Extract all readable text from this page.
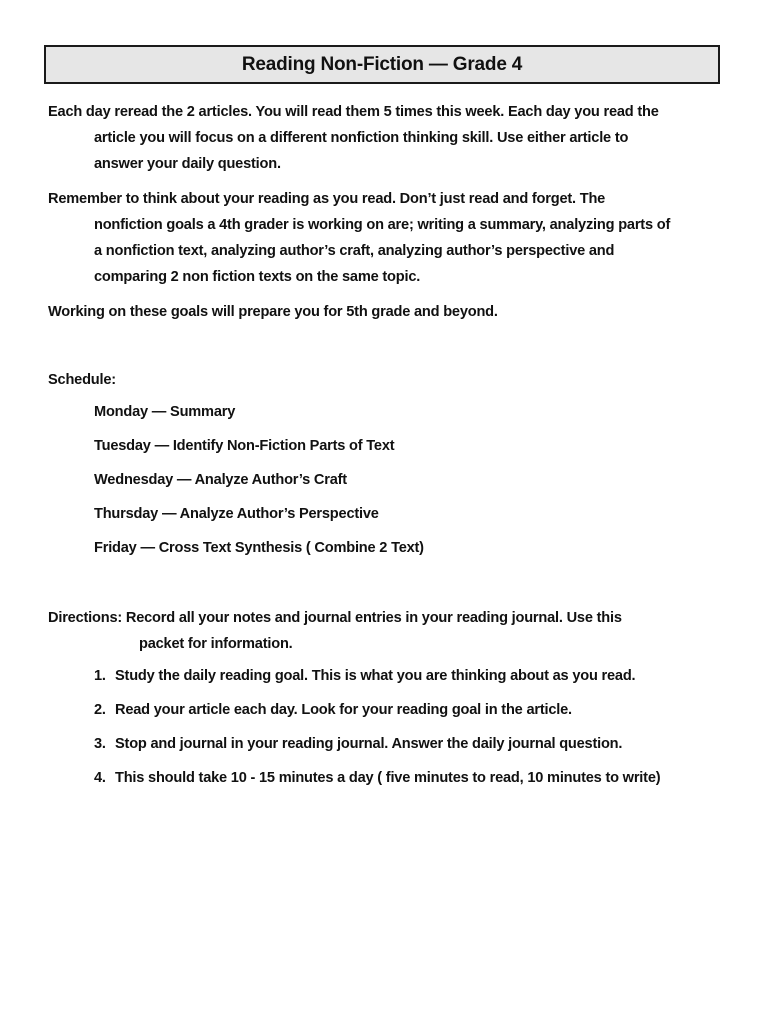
Reading Non-Fiction — Grade 4

Each day reread the 2 articles. You will read them 5 times this week. Each day you read the
article you will focus on a different nonfiction thinking skill. Use either article to
answer your daily question.

Remember to think about your reading as you read. Don’t just read and forget. The
nonfiction goals a 4th grader is working on are; writing a summary, analyzing parts of
a nonfiction text, analyzing author’s craft, analyzing author’s perspective and
comparing 2 non fiction texts on the same topic.

Working on these goals will prepare you for 5th grade and beyond.

Schedule:

Monday — Summary
Tuesday — Identify Non-Fiction Parts of Text
Wednesday — Analyze Author’s Craft
Thursday — Analyze Author’s Perspective
Friday — Cross Text Synthesis ( Combine 2 Text)

Directions: Record all your notes and journal entries in your reading journal. Use this
packet for information.

1. Study the daily reading goal. This is what you are thinking about as you read.
2. Read your article each day. Look for your reading goal in the article.
3. Stop and journal in your reading journal. Answer the daily journal question.
4. This should take 10 - 15 minutes a day ( five minutes to read, 10 minutes to write)
